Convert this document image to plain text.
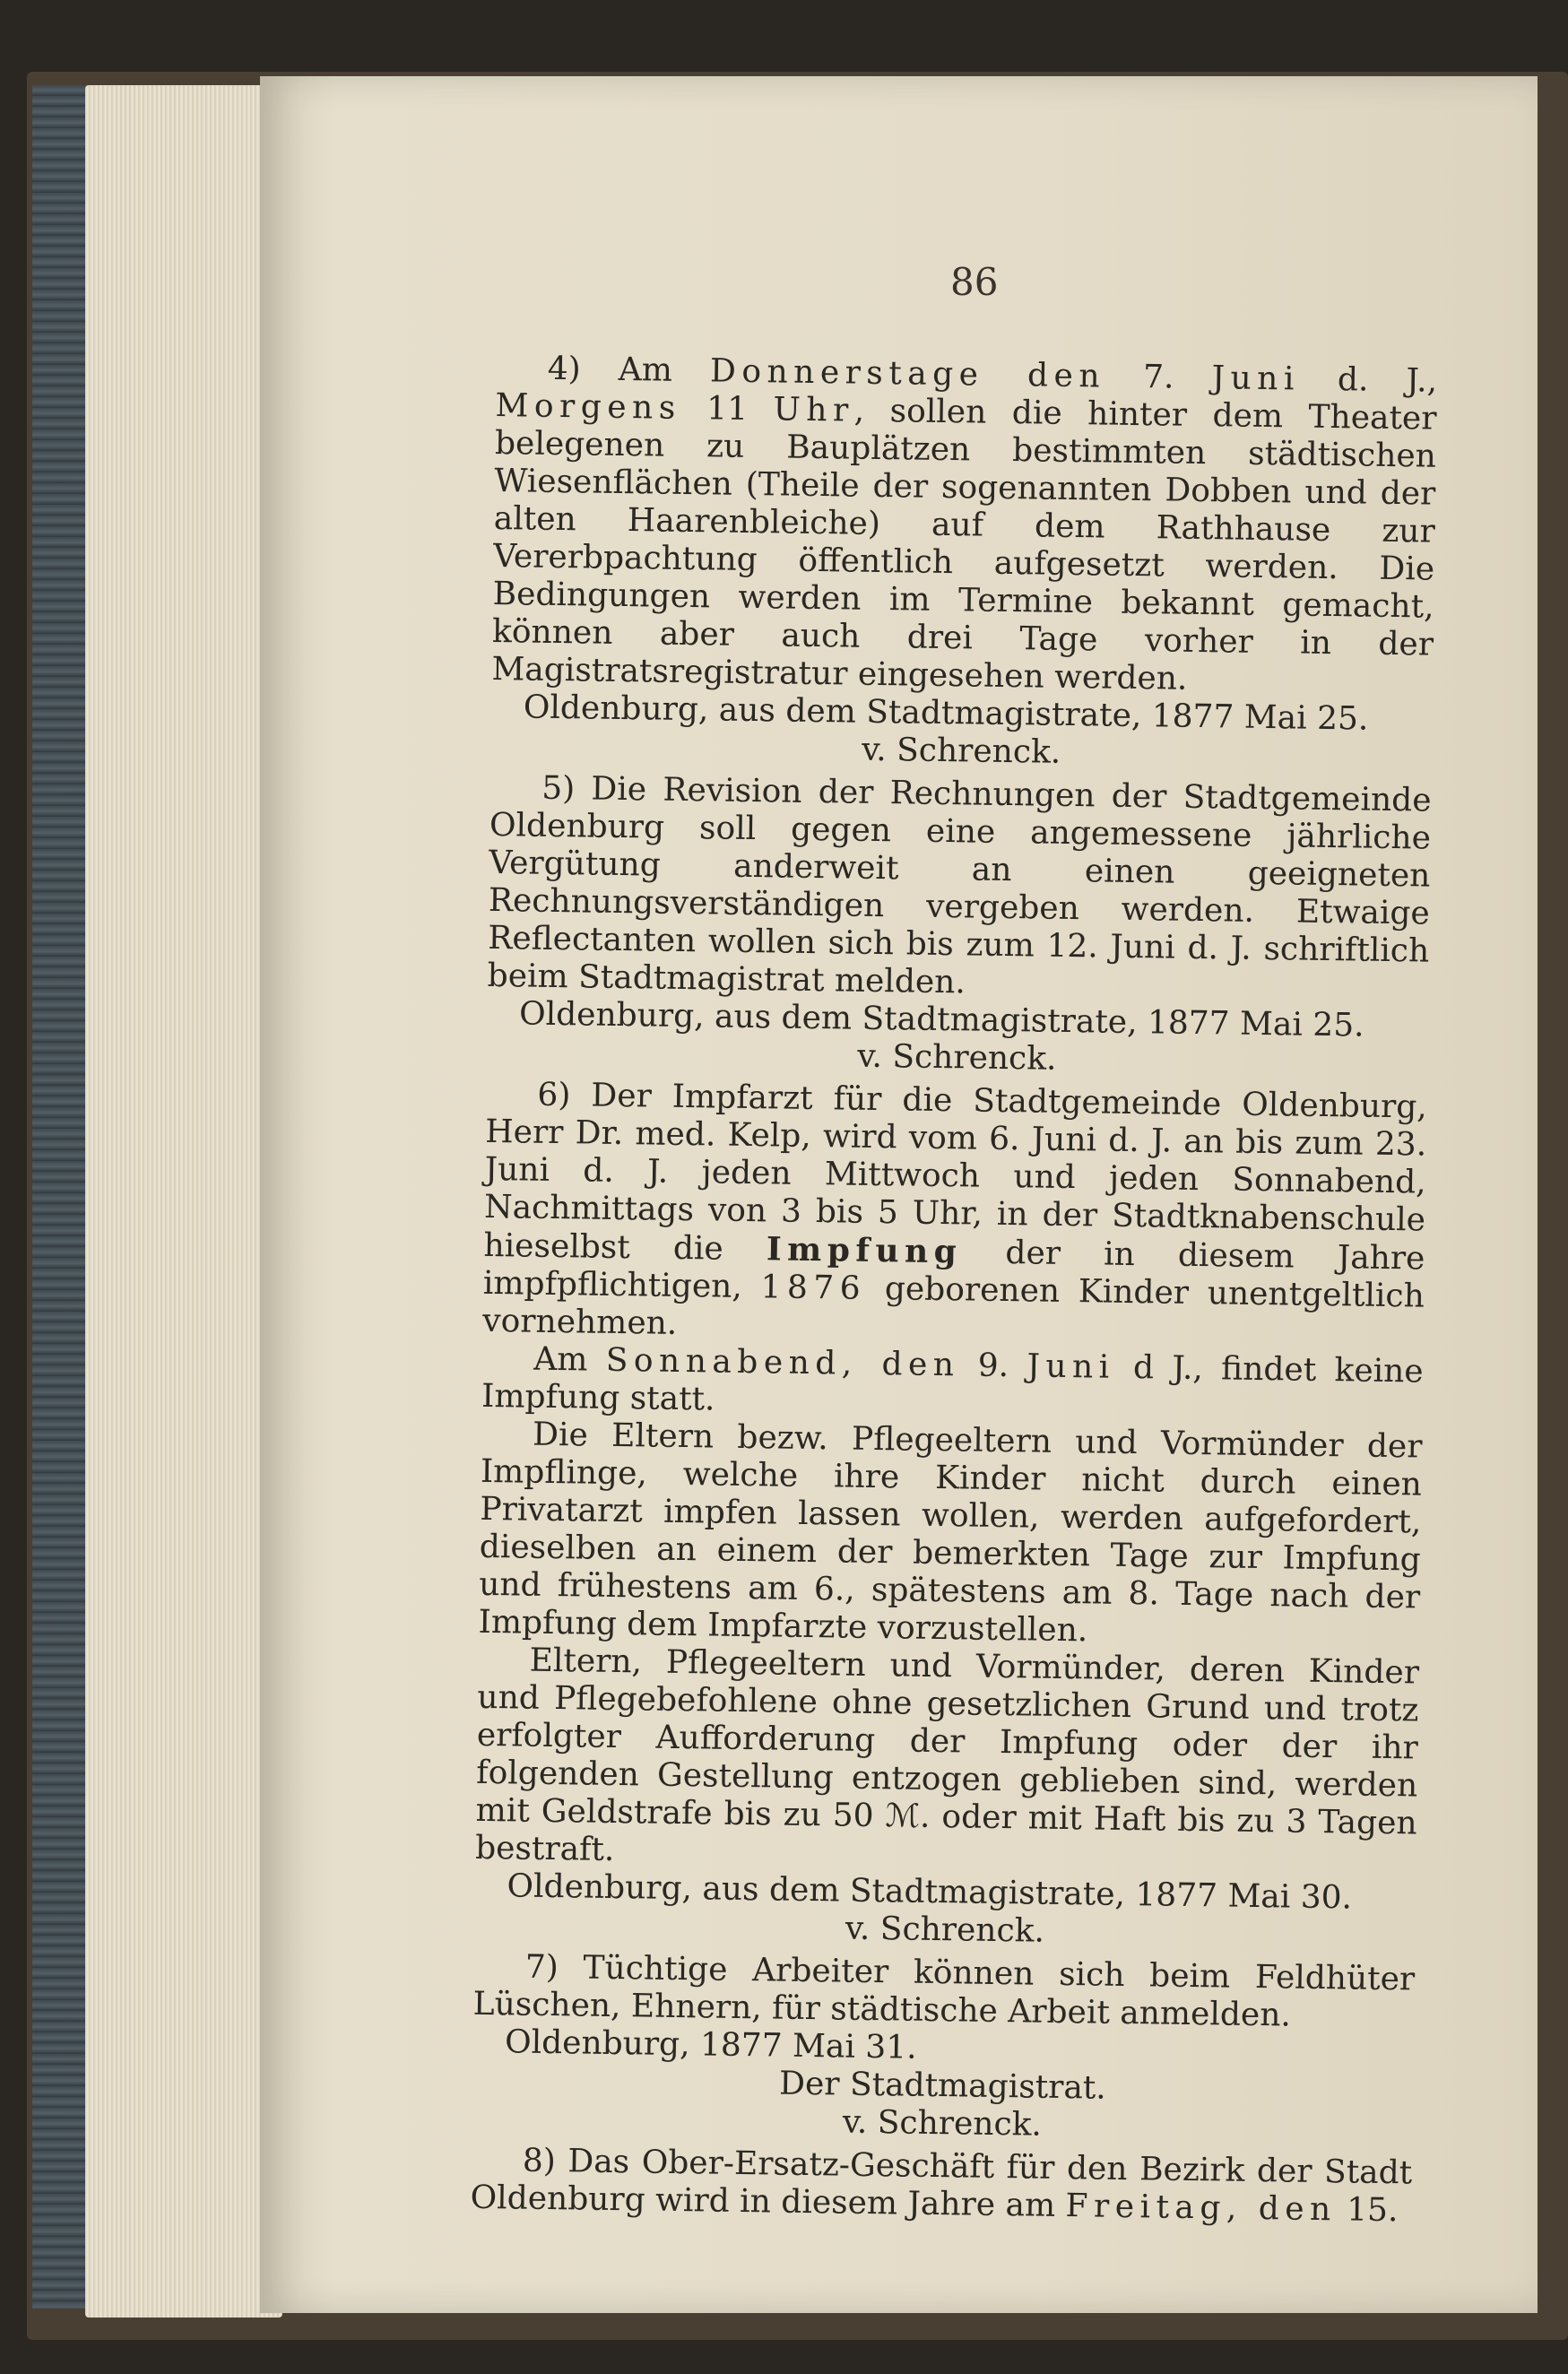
86

4) Am Donnerstage den 7. Juni d. J., Morgens 11 Uhr, sollen die hinter dem Theater belegenen zu Bauplätzen bestimmten städtischen Wiesenflächen (Theile der sogenannten Dobben und der alten Haarenbleiche) auf dem Rathhause zur Vererbpachtung öffentlich aufgesetzt werden. Die Bedingungen werden im Termine bekannt gemacht, können aber auch drei Tage vorher in der Magistratsregistratur eingesehen werden.

Oldenburg, aus dem Stadtmagistrate, 1877 Mai 25.

v. Schrenck.

5) Die Revision der Rechnungen der Stadtgemeinde Oldenburg soll gegen eine angemessene jährliche Vergütung anderweit an einen geeigneten Rechnungsverständigen vergeben werden. Etwaige Reflectanten wollen sich bis zum 12. Juni d. J. schriftlich beim Stadtmagistrat melden.

Oldenburg, aus dem Stadtmagistrate, 1877 Mai 25.

v. Schrenck.

6) Der Impfarzt für die Stadtgemeinde Oldenburg, Herr Dr. med. Kelp, wird vom 6. Juni d. J. an bis zum 23. Juni d. J. jeden Mittwoch und jeden Sonnabend, Nachmittags von 3 bis 5 Uhr, in der Stadtknabenschule hieselbst die Impfung der in diesem Jahre impfpflichtigen, 1876 geborenen Kinder unentgeltlich vornehmen.

Am Sonnabend, den 9. Juni d J., findet keine Impfung statt.

Die Eltern bezw. Pflegeeltern und Vormünder der Impflinge, welche ihre Kinder nicht durch einen Privatarzt impfen lassen wollen, werden aufgefordert, dieselben an einem der bemerkten Tage zur Impfung und frühestens am 6., spätestens am 8. Tage nach der Impfung dem Impfarzte vorzustellen.

Eltern, Pflegeeltern und Vormünder, deren Kinder und Pflegebefohlene ohne gesetzlichen Grund und trotz erfolgter Aufforderung der Impfung oder der ihr folgenden Gestellung entzogen geblieben sind, werden mit Geldstrafe bis zu 50 ℳ. oder mit Haft bis zu 3 Tagen bestraft.

Oldenburg, aus dem Stadtmagistrate, 1877 Mai 30.

v. Schrenck.

7) Tüchtige Arbeiter können sich beim Feldhüter Lüschen, Ehnern, für städtische Arbeit anmelden.

Oldenburg, 1877 Mai 31.

Der Stadtmagistrat.

v. Schrenck.

8) Das Ober-Ersatz-Geschäft für den Bezirk der Stadt Oldenburg wird in diesem Jahre am Freitag, den 15.
